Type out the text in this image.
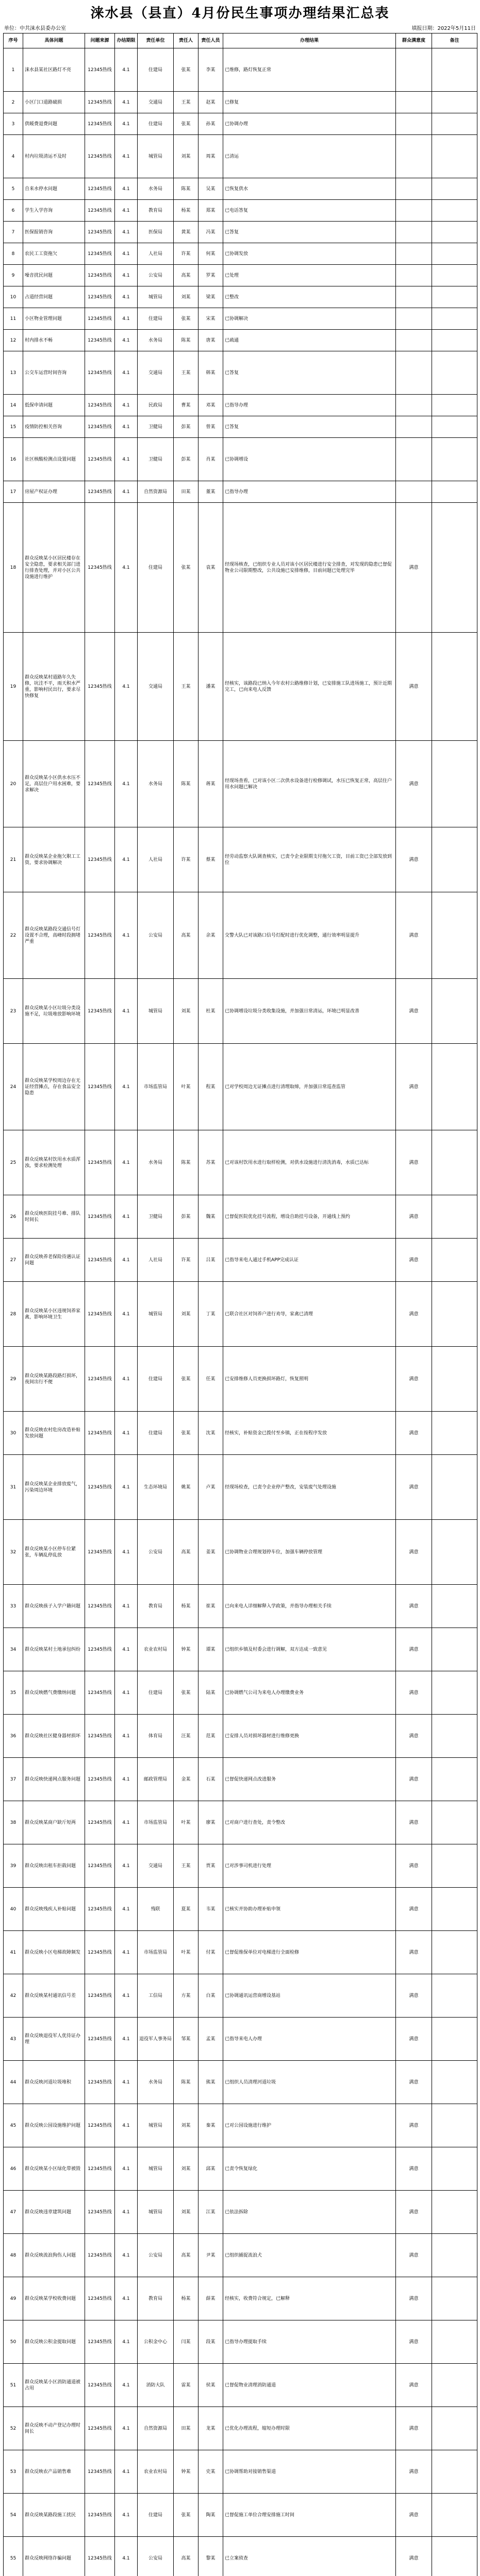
涞水县（县直）4月份民生事项办理结果汇总表
单位：中共涞水县委办公室	填报日期：2022年5月11日
序号	具体问题	问题来源	办结期限	责任单位	责任人	责任人员	办理结果	群众满意度	备注
1	涞水县某社区路灯不亮	12345热线	4.1	住建局	张某	李某	已维修，路灯恢复正常		
2	小区门口道路破损	12345热线	4.1	交通局	王某	赵某	已修复		
3	供暖费退费问题	12345热线	4.1	住建局	张某	孙某	已协调办理		
4	村内垃圾清运不及时	12345热线	4.1	城管局	刘某	周某	已清运		
5	自来水停水问题	12345热线	4.1	水务局	陈某	吴某	已恢复供水		
6	学生入学咨询	12345热线	4.1	教育局	杨某	郑某	已电话答复		
7	医保报销咨询	12345热线	4.1	医保局	黄某	冯某	已答复		
8	农民工工资拖欠	12345热线	4.1	人社局	许某	何某	已协调发放		
9	噪音扰民问题	12345热线	4.1	公安局	高某	罗某	已处理		
10	占道经营问题	12345热线	4.1	城管局	刘某	梁某	已整改		
11	小区物业管理问题	12345热线	4.1	住建局	张某	宋某	已协调解决		
12	村内排水不畅	12345热线	4.1	水务局	陈某	唐某	已疏通		
13	公交车运营时间咨询	12345热线	4.1	交通局	王某	韩某	已答复		
14	低保申请问题	12345热线	4.1	民政局	曹某	邓某	已指导办理		
15	疫情防控相关咨询	12345热线	4.1	卫健局	彭某	曾某	已答复		
16	社区核酸检测点设置问题	12345热线	4.1	卫健局	彭某	肖某	已协调增设		
17	房屋产权证办理	12345热线	4.1	自然资源局	田某	董某	已指导办理		
18	群众反映某小区居民楼存在安全隐患，要求相关部门进行排查处理，并对小区公共设施进行维护	12345热线	4.1	住建局	张某	袁某	经现场核查，已组织专业人员对该小区居民楼进行安全排查，对发现的隐患已督促物业公司限期整改，公共设施已安排维修，目前问题已处理完毕	满意	
19	群众反映某村道路年久失修，坑洼不平，雨天积水严重，影响村民出行，要求尽快修复	12345热线	4.1	交通局	王某	潘某	经核实，该路段已纳入今年农村公路维修计划，已安排施工队进场施工，预计近期完工，已向来电人反馈	满意	
20	群众反映某小区供水水压不足，高层住户用水困难，要求解决	12345热线	4.1	水务局	陈某	蒋某	经现场查看，已对该小区二次供水设备进行检修调试，水压已恢复正常，高层住户用水问题已解决	满意	
21	群众反映某企业拖欠职工工资，要求协调解决	12345热线	4.1	人社局	许某	蔡某	经劳动监察大队调查核实，已责令企业限期支付拖欠工资，目前工资已全部发放到位	满意	
22	群众反映某路段交通信号灯设置不合理，高峰时段拥堵严重	12345热线	4.1	公安局	高某	余某	交警大队已对该路口信号灯配时进行优化调整，通行效率明显提升	满意	
23	群众反映某小区垃圾分类设施不足，垃圾堆放影响环境	12345热线	4.1	城管局	刘某	杜某	已协调增设垃圾分类收集设施，并加强日常清运，环境已明显改善	满意	
24	群众反映某学校周边存在无证经营摊点，存在食品安全隐患	12345热线	4.1	市场监管局	叶某	程某	已对学校周边无证摊点进行清理取缔，并加强日常巡查监管	满意	
25	群众反映某村饮用水水质浑浊，要求检测处理	12345热线	4.1	水务局	陈某	苏某	已对该村饮用水进行取样检测，对供水设施进行清洗消毒，水质已达标	满意	
26	群众反映医院挂号难、排队时间长	12345热线	4.1	卫健局	彭某	魏某	已督促医院优化挂号流程，增设自助挂号设备，开通线上预约	满意	
27	群众反映养老保险待遇认证问题	12345热线	4.1	人社局	许某	吕某	已指导来电人通过手机APP完成认证	满意	
28	群众反映某小区违规饲养家禽，影响环境卫生	12345热线	4.1	城管局	刘某	丁某	已联合社区对饲养户进行劝导，家禽已清理	满意	
29	群众反映某路段路灯损坏，夜间出行不便	12345热线	4.1	住建局	张某	任某	已安排维修人员更换损坏路灯，恢复照明	满意	
30	群众反映农村危房改造补贴发放问题	12345热线	4.1	住建局	张某	沈某	经核实，补贴资金已拨付至乡镇，正在按程序发放	满意	
31	群众反映某企业排放废气，污染周边环境	12345热线	4.1	生态环境局	姚某	卢某	经现场检查，已责令企业停产整改，安装废气处理设施	满意	
32	群众反映某小区停车位紧张，车辆乱停乱放	12345热线	4.1	公安局	高某	姜某	已协调物业合理规划停车位，加强车辆停放管理	满意	
33	群众反映孩子入学户籍问题	12345热线	4.1	教育局	杨某	崔某	已向来电人详细解释入学政策，并指导办理相关手续	满意	
34	群众反映某村土地承包纠纷	12345热线	4.1	农业农村局	钟某	谭某	已组织乡镇及村委会进行调解，双方达成一致意见	满意	
35	群众反映燃气费缴纳问题	12345热线	4.1	住建局	张某	陆某	已协调燃气公司为来电人办理缴费业务	满意	
36	群众反映社区健身器材损坏	12345热线	4.1	体育局	汪某	范某	已安排人员对损坏器材进行维修更换	满意	
37	群众反映快递网点服务问题	12345热线	4.1	邮政管理局	金某	石某	已督促快递网点改进服务	满意	
38	群众反映某商户缺斤短两	12345热线	4.1	市场监管局	叶某	廖某	已对商户进行查处，责令整改	满意	
39	群众反映出租车拒载问题	12345热线	4.1	交通局	王某	贾某	已对涉事司机进行处理	满意	
40	群众反映残疾人补贴问题	12345热线	4.1	残联	夏某	韦某	已核实并协助办理补贴申领	满意	
41	群众反映小区电梯故障频发	12345热线	4.1	市场监管局	叶某	付某	已督促维保单位对电梯进行全面检修	满意	
42	群众反映某村通讯信号差	12345热线	4.1	工信局	方某	白某	已协调通讯运营商增设基站	满意	
43	群众反映退役军人优待证办理	12345热线	4.1	退役军人事务局	邹某	孟某	已指导来电人办理	满意	
44	群众反映河道垃圾堆积	12345热线	4.1	水务局	陈某	熊某	已组织人员清理河道垃圾	满意	
45	群众反映公园设施维护问题	12345热线	4.1	城管局	刘某	秦某	已对公园设施进行维护	满意	
46	群众反映某小区绿化带被毁	12345热线	4.1	城管局	刘某	邱某	已责令恢复绿化	满意	
47	群众反映违章建筑问题	12345热线	4.1	城管局	刘某	江某	已依法拆除	满意	
48	群众反映流浪狗伤人问题	12345热线	4.1	公安局	高某	尹某	已组织捕捉流浪犬	满意	
49	群众反映某学校收费问题	12345热线	4.1	教育局	杨某	薛某	经核实，收费符合规定，已解释	满意	
50	群众反映公积金提取问题	12345热线	4.1	公积金中心	闫某	段某	已指导办理提取手续	满意	
51	群众反映某小区消防通道被占用	12345热线	4.1	消防大队	雷某	侯某	已督促物业清理消防通道	满意	
52	群众反映不动产登记办理时间长	12345热线	4.1	自然资源局	田某	龙某	已优化办理流程，缩短办理时限	满意	
53	群众反映农产品销售难	12345热线	4.1	农业农村局	钟某	史某	已协调帮助对接销售渠道	满意	
54	群众反映某路段施工扰民	12345热线	4.1	住建局	张某	陶某	已督促施工单位合理安排施工时间	满意	
55	群众反映网络诈骗问题	12345热线	4.1	公安局	高某	黎某	已立案侦查	满意	
